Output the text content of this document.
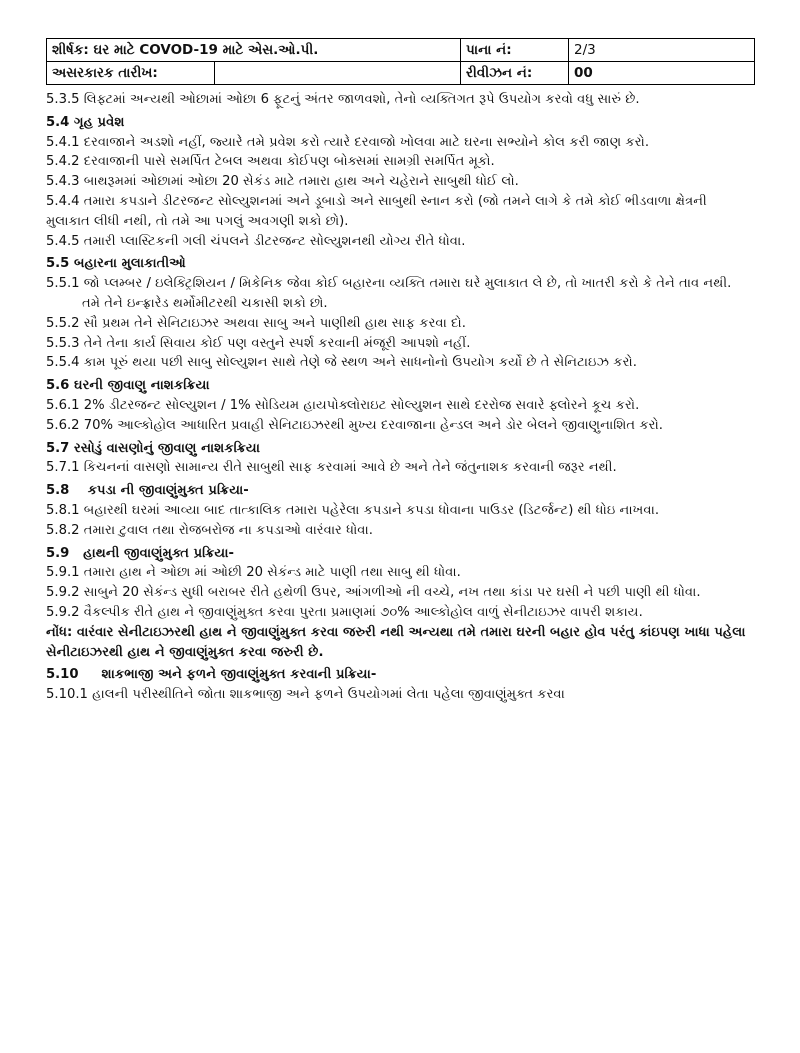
શીર્ષક: ઘર માટે COVOD-19 માટે એસ.ઓ.પી.		પાના નં:	2/3
અસરકારક તારીખ:		રીવીઝન નં:	00

5.3.5 લિફ્ટમાં અન્યથી ઓછામાં ઓછા 6 ફૂટનું અંતર જાળવશો, તેનો વ્યક્તિગત રૂપે ઉપયોગ કરવો વધુ સારું છે.

5.4 ગૃહ પ્રવેશ

5.4.1 દરવાજાને અડશો નહીં, જ્યારે તમે પ્રવેશ કરો ત્યારે દરવાજો ખોલવા માટે ઘરના સભ્યોને કોલ કરી જાણ કરો.

5.4.2 દરવાજાની પાસે સમર્પિત ટેબલ અથવા કોઈપણ બોક્સમાં સામગ્રી સમર્પિત મૂકો.

5.4.3 બાથરૂમમાં ઓછામાં ઓછા 20 સેકંડ માટે તમારા હાથ અને ચહેરાને સાબુથી ધોઈ લો.

5.4.4 તમારા કપડાને ડીટરજન્ટ સોલ્યુશનમાં અને ડૂબાડો અને સાબુથી સ્નાન કરો (જો તમને લાગે કે તમે કોઈ ભીડવાળા ક્ષેત્રની મુલાકાત લીધી નથી, તો તમે આ પગલું અવગણી શકો છો).

5.4.5 તમારી પ્લાસ્ટિકની ગલી ચંપલને ડીટરજન્ટ સોલ્યુશનથી યોગ્ય રીતે ધોવા.

5.5 બહારના મુલાકાતીઓ

5.5.1 જો પ્લમ્બર / ઇલેક્ટ્રિશિયન / મિકેનિક જેવા કોઈ બહારના વ્યક્તિ તમારા ઘરે મુલાકાત લે છે, તો ખાતરી કરો કે તેને તાવ નથી. તમે તેને ઇન્ફ્રારેડ થર્મોમીટરથી ચકાસી શકો છો.

5.5.2 સૌ પ્રથમ તેને સેનિટાઇઝર અથવા સાબુ અને પાણીથી હાથ સાફ કરવા દો.

5.5.3 તેને તેના કાર્ય સિવાય કોઈ પણ વસ્તુને સ્પર્શ કરવાની મંજૂરી આપશો નહીં.

5.5.4 કામ પૂરું થયા પછી સાબુ સોલ્યુશન સાથે તેણે જે સ્થળ અને સાધનોનો ઉપયોગ કર્યો છે તે સેનિટાઇઝ કરો.

5.6 ઘરની જીવાણુ નાશકક્રિયા

5.6.1 2% ડીટરજન્ટ સોલ્યુશન / 1% સોડિયમ હાયપોક્લોરાઇટ સોલ્યુશન સાથે દરરોજ સવારે ફ્લોરને કૂચ કરો.

5.6.2 70% આલ્કોહોલ આધારિત પ્રવાહી સેનિટાઇઝરથી મુખ્ય દરવાજાના હેન્ડલ અને ડોર બેલને જીવાણુનાશિત કરો.

5.7 રસોડું વાસણોનું જીવાણુ નાશકક્રિયા

5.7.1 કિચનનાં વાસણો સામાન્ય રીતે સાબુથી સાફ કરવામાં આવે છે અને તેને જંતુનાશક કરવાની જરૂર નથી.

5.8    કપડા ની જીવાણુંમુક્ત પ્રક્રિયા-

5.8.1 બહારથી ઘરમાં આવ્યા બાદ તાત્કાલિક તમારા પહેરેલા કપડાને કપડા ધોવાના પાઉડર (ડિટર્જન્ટ) થી ધોઇ નાખવા.

5.8.2 તમારા ટુવાલ તથા રોજબરોજ ના કપડાઓ વારંવાર ધોવા.

5.9   હાથની જીવાણુંમુક્ત પ્રક્રિયા-

5.9.1 તમારા હાથ ને ઓછા માં ઓછી 20 સેકંન્ડ માટે પાણી તથા સાબુ થી ધોવા.

5.9.2 સાબુને 20 સેકંન્ડ સુધી બરાબર રીતે હથેળી ઉપર, આંગળીઓ ની વચ્ચે, નખ તથા કાંડા પર ઘસી ને પછી પાણી થી ધોવા.

5.9.2 વૈકલ્પીક રીતે હાથ ને જીવાણુંમુક્ત કરવા પુરતા પ્રમાણમાં ૭૦% આલ્કોહોલ વાળું સેનીટાઇઝર વાપરી શકાય.

નોંધ: વારંવાર સેનીટાઇઝરથી હાથ ને જીવાણુંમુક્ત કરવા જરુરી નથી અન્યથા તમે તમારા ઘરની બહાર હોવ પરંતુ કાંઇપણ ખાધા પહેલા સેનીટાઇઝરથી હાથ ને જીવાણુંમુક્ત કરવા જરુરી છે.

5.10     શાકભાજી અને ફળને જીવાણુંમુક્ત કરવાની પ્રક્રિયા-

5.10.1 હાલની પરીસ્થીતિને જોતા શાકભાજી અને ફળને ઉપયોગમાં લેતા પહેલા જીવાણુંમુક્ત કરવા
